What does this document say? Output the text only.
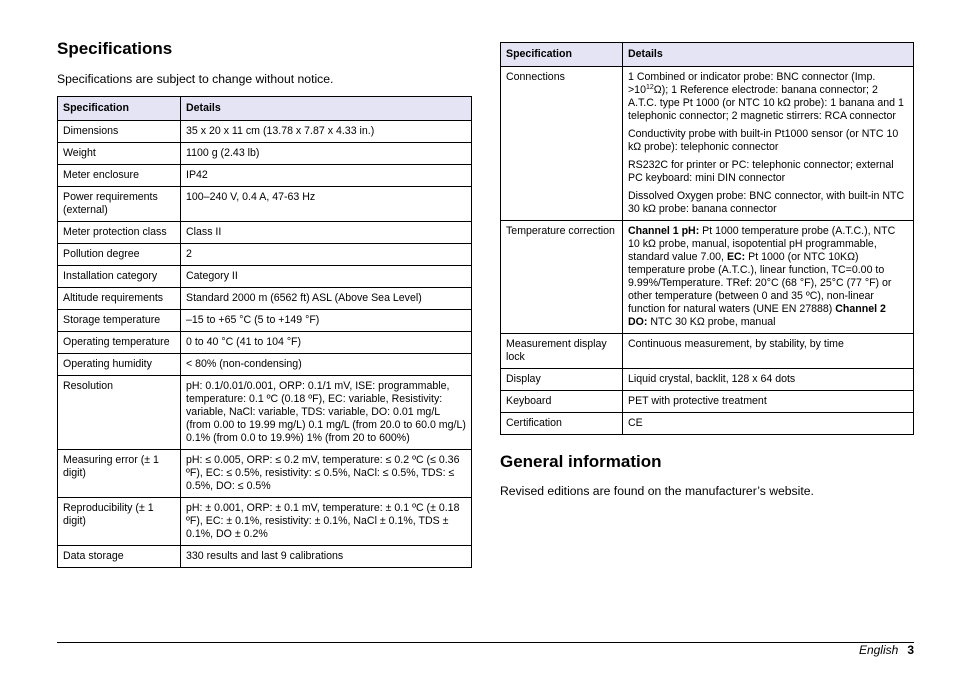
Specifications

Specifications are subject to change without notice.

Specification	Details
Dimensions	35 x 20 x 11 cm (13.78 x 7.87 x 4.33 in.)
Weight	1100 g (2.43 lb)
Meter enclosure	IP42
Power requirements (external)	100–240 V, 0.4 A, 47-63 Hz
Meter protection class	Class II
Pollution degree	2
Installation category	Category II
Altitude requirements	Standard 2000 m (6562 ft) ASL (Above Sea Level)
Storage temperature	–15 to +65 °C (5 to +149 °F)
Operating temperature	0 to 40 °C (41 to 104 °F)
Operating humidity	< 80% (non-condensing)
Resolution	pH: 0.1/0.01/0.001, ORP: 0.1/1 mV, ISE: programmable, temperature: 0.1 ºC (0.18 ºF), EC: variable, Resistivity: variable, NaCl: variable, TDS: variable, DO: 0.01 mg/L (from 0.00 to 19.99 mg/L) 0.1 mg/L (from 20.0 to 60.0 mg/L) 0.1% (from 0.0 to 19.9%) 1% (from 20 to 600%)
Measuring error (± 1 digit)	pH: ≤ 0.005, ORP: ≤ 0.2 mV, temperature: ≤ 0.2 ºC (≤ 0.36 ºF), EC: ≤ 0.5%, resistivity: ≤ 0.5%, NaCl: ≤ 0.5%, TDS: ≤ 0.5%, DO: ≤ 0.5%
Reproducibility (± 1 digit)	pH: ± 0.001, ORP: ± 0.1 mV, temperature: ± 0.1 ºC (± 0.18 ºF), EC: ± 0.1%, resistivity: ± 0.1%, NaCl ± 0.1%, TDS ± 0.1%, DO ± 0.2%
Data storage	330 results and last 9 calibrations
Specification	Details
Connections	1 Combined or indicator probe: BNC connector (Imp. $>10^{12}\Omega$); 1 Reference electrode: banana connector; 2 A.T.C. type Pt 1000 (or NTC 10 kΩ probe): 1 banana and 1 telephonic connector; 2 magnetic stirrers: RCA connector
Conductivity probe with built-in Pt1000 sensor (or NTC 10 kΩ probe): telephonic connector
RS232C for printer or PC: telephonic connector; external PC keyboard: mini DIN connector
Dissolved Oxygen probe: BNC connector, with built-in NTC 30 kΩ probe: banana connector

Temperature correction	Channel 1 pH: Pt 1000 temperature probe (A.T.C.), NTC 10 kΩ probe, manual, isopotential pH programmable, standard value 7.00, EC: Pt 1000 (or NTC 10KΩ) temperature probe (A.T.C.), linear function, TC=0.00 to 9.99%/Temperature. TRef: 20°C (68 °F), 25°C (77 °F) or other temperature (between 0 and 35 ºC), non-linear function for natural waters (UNE EN 27888) Channel 2 DO: NTC 30 KΩ probe, manual
Measurement display lock	Continuous measurement, by stability, by time
Display	Liquid crystal, backlit, 128 x 64 dots
Keyboard	PET with protective treatment
Certification	CE
General information

Revised editions are found on the manufacturer’s website.

English 3
